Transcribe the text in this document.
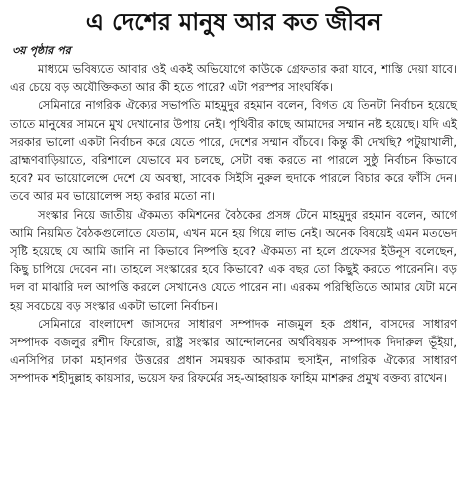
এ দেশের মানুষ আর কত জীবন
৩য় পৃষ্ঠার পর

মাধ্যমে ভবিষ্যতে আবার ওই একই অভিযোগে কাউকে গ্রেফতার করা যাবে, শাস্তি দেয়া যাবে। এর চেয়ে বড় অযৌক্তিকতা আর কী হতে পারে? এটা পরস্পর সাংঘর্ষিক।

সেমিনারে নাগরিক ঐক্যের সভাপতি মাহমুদুর রহমান বলেন, বিগত যে তিনটা নির্বাচন হয়েছে তাতে মানুষের সামনে মুখ দেখানোর উপায় নেই। পৃথিবীর কাছে আমাদের সম্মান নষ্ট হয়েছে। যদি এই সরকার ভালো একটা নির্বাচন করে যেতে পারে, দেশের সম্মান বাঁচবে। কিন্তু কী দেখছি? পটুয়াখালী, ব্রাহ্মণবাড়িয়াতে, বরিশালে যেভাবে মব চলছে, সেটা বন্ধ করতে না পারলে সুষ্ঠু নির্বাচন কিভাবে হবে? মব ভায়োলেন্সে দেশে যে অবস্থা, সাবেক সিইসি নুরুল হুদাকে পারলে বিচার করে ফাঁসি দেন। তবে আর মব ভায়োলেন্স সহ্য করার মতো না।

সংস্কার নিয়ে জাতীয় ঐকমত্য কমিশনের বৈঠকের প্রসঙ্গ টেনে মাহমুদুর রহমান বলেন, আগে আমি নিয়মিত বৈঠকগুলোতে যেতাম, এখন মনে হয় গিয়ে লাভ নেই। অনেক বিষয়েই এমন মতভেদ সৃষ্টি হয়েছে যে আমি জানি না কিভাবে নিষ্পত্তি হবে? ঐকমত্য না হলে প্রফেসর ইউনূস বলেছেন, কিছু চাপিয়ে দেবেন না। তাহলে সংস্কারের হবে কিভাবে? এক বছর তো কিছুই করতে পারেননি। বড় দল বা মাঝারি দল আপত্তি করলে সেখানেও যেতে পারেন না। এরকম পরিস্থিতিতে আমার যেটা মনে হয় সবচেয়ে বড় সংস্কার একটা ভালো নির্বাচন।

সেমিনারে বাংলাদেশ জাসদের সাধারণ সম্পাদক নাজমুল হক প্রধান, বাসদের সাধারণ সম্পাদক বজলুর রশীদ ফিরোজ, রাষ্ট্র সংস্কার আন্দোলনের অর্থবিষয়ক সম্পাদক দিদারুল ভূঁইয়া, এনসিপির ঢাকা মহানগর উত্তরের প্রধান সমন্বয়ক আকরাম হুসাইন, নাগরিক ঐক্যের সাধারণ সম্পাদক শহীদুল্লাহ কায়সার, ভয়েস ফর রিফর্মের সহ-আহ্বায়ক ফাহিম মাশরুর প্রমুখ বক্তব্য রাখেন।
